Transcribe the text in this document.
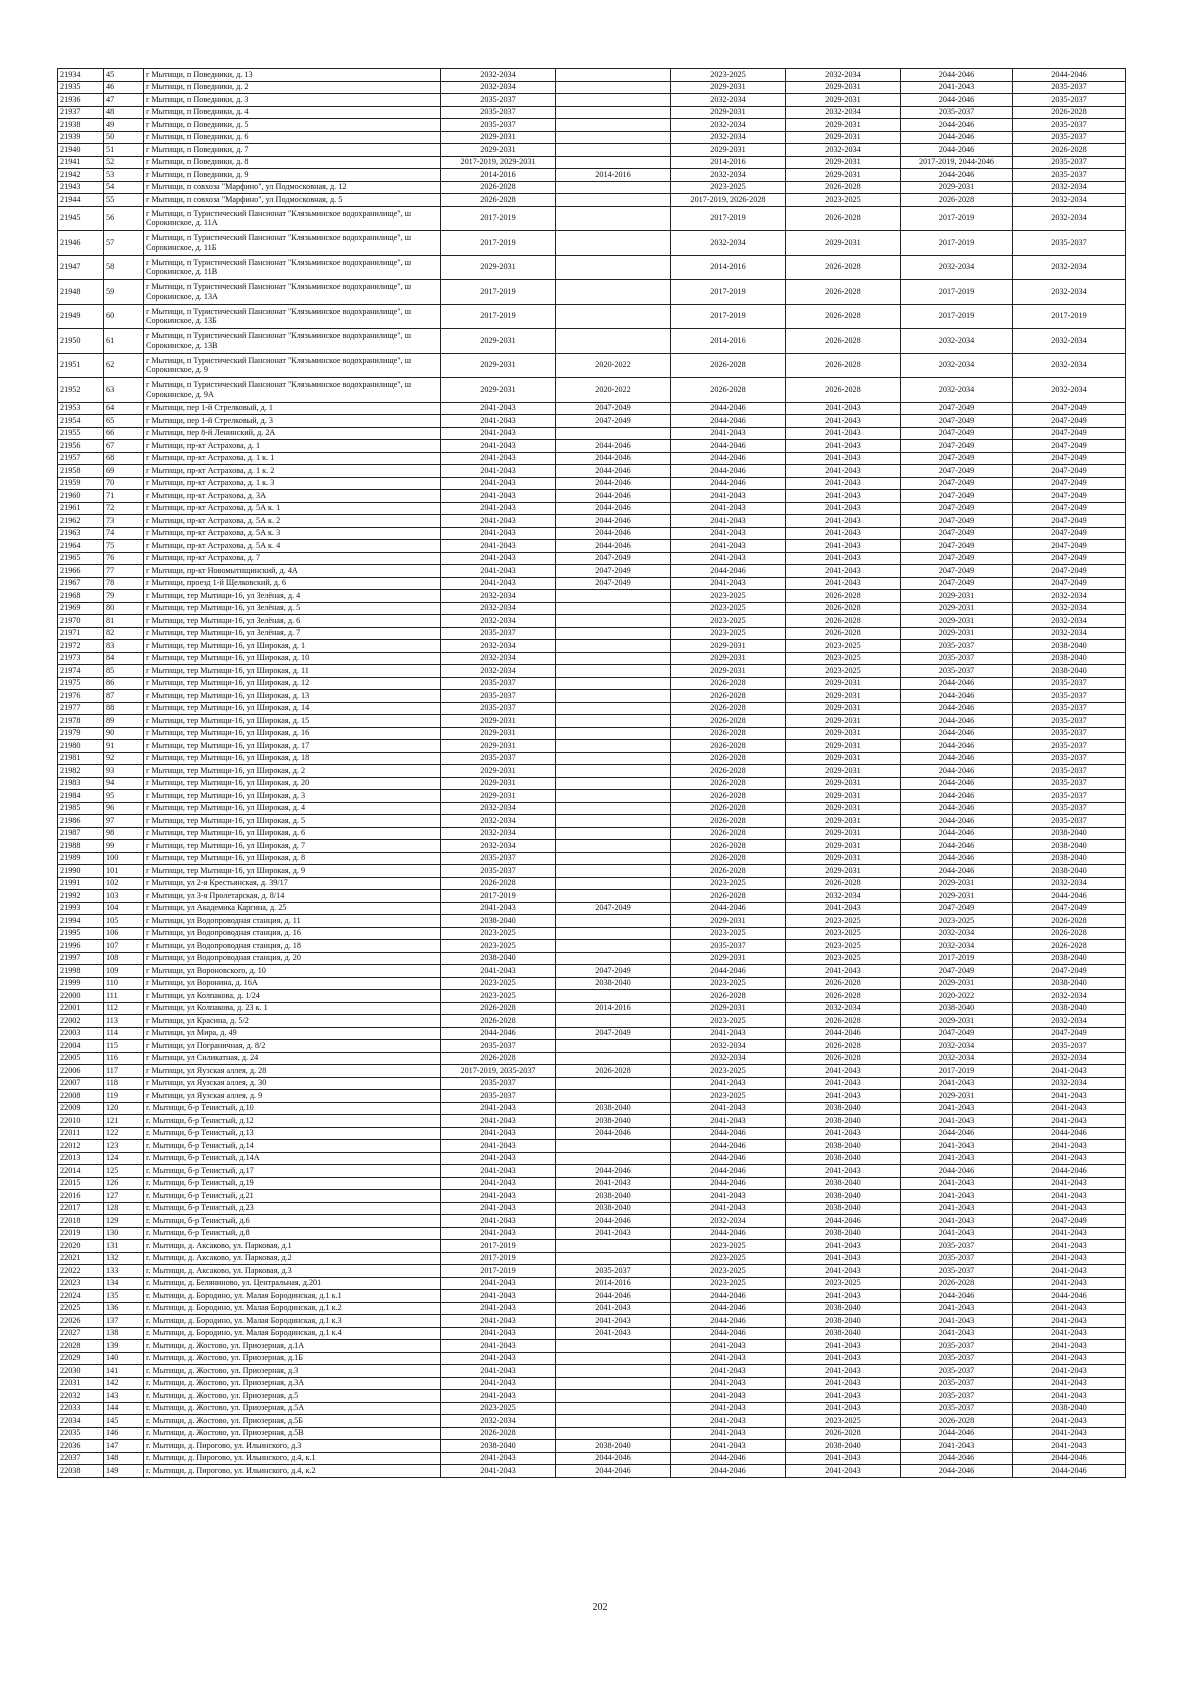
21934	45	г Мытищи, п Поведники, д. 13	2032-2034		2023-2025	2032-2034	2044-2046	2044-2046
21935	46	г Мытищи, п Поведники, д. 2	2032-2034		2029-2031	2029-2031	2041-2043	2035-2037
21936	47	г Мытищи, п Поведники, д. 3	2035-2037		2032-2034	2029-2031	2044-2046	2035-2037
21937	48	г Мытищи, п Поведники, д. 4	2035-2037		2029-2031	2032-2034	2035-2037	2026-2028
21938	49	г Мытищи, п Поведники, д. 5	2035-2037		2032-2034	2029-2031	2044-2046	2035-2037
21939	50	г Мытищи, п Поведники, д. 6	2029-2031		2032-2034	2029-2031	2044-2046	2035-2037
21940	51	г Мытищи, п Поведники, д. 7	2029-2031		2029-2031	2032-2034	2044-2046	2026-2028
21941	52	г Мытищи, п Поведники, д. 8	2017-2019, 2029-2031		2014-2016	2029-2031	2017-2019, 2044-2046	2035-2037
21942	53	г Мытищи, п Поведники, д. 9	2014-2016	2014-2016	2032-2034	2029-2031	2044-2046	2035-2037
21943	54	г Мытищи, п совхоза "Марфино", ул Подмосковная, д. 12	2026-2028		2023-2025	2026-2028	2029-2031	2032-2034
21944	55	г Мытищи, п совхоза "Марфино", ул Подмосковная, д. 5	2026-2028		2017-2019, 2026-2028	2023-2025	2026-2028	2032-2034
21945	56	г Мытищи, п Туристический Пансионат "Клязьминское водохранилище", ш Сорокинское, д. 11А	2017-2019		2017-2019	2026-2028	2017-2019	2032-2034
21946	57	г Мытищи, п Туристический Пансионат "Клязьминское водохранилище", ш Сорокинское, д. 11Б	2017-2019		2032-2034	2029-2031	2017-2019	2035-2037
21947	58	г Мытищи, п Туристический Пансионат "Клязьминское водохранилище", ш Сорокинское, д. 11В	2029-2031		2014-2016	2026-2028	2032-2034	2032-2034
21948	59	г Мытищи, п Туристический Пансионат "Клязьминское водохранилище", ш Сорокинское, д. 13А	2017-2019		2017-2019	2026-2028	2017-2019	2032-2034
21949	60	г Мытищи, п Туристический Пансионат "Клязьминское водохранилище", ш Сорокинское, д. 13Б	2017-2019		2017-2019	2026-2028	2017-2019	2017-2019
21950	61	г Мытищи, п Туристический Пансионат "Клязьминское водохранилище", ш Сорокинское, д. 13В	2029-2031		2014-2016	2026-2028	2032-2034	2032-2034
21951	62	г Мытищи, п Туристический Пансионат "Клязьминское водохранилище", ш Сорокинское, д. 9	2029-2031	2020-2022	2026-2028	2026-2028	2032-2034	2032-2034
21952	63	г Мытищи, п Туристический Пансионат "Клязьминское водохранилище", ш Сорокинское, д. 9А	2029-2031	2020-2022	2026-2028	2026-2028	2032-2034	2032-2034
21953	64	г Мытищи, пер 1-й Стрелковый, д. 1	2041-2043	2047-2049	2044-2046	2041-2043	2047-2049	2047-2049
21954	65	г Мытищи, пер 1-й Стрелковый, д. 3	2041-2043	2047-2049	2044-2046	2041-2043	2047-2049	2047-2049
21955	66	г Мытищи, пер 8-й Ленинский, д. 2А	2041-2043		2041-2043	2041-2043	2047-2049	2047-2049
21956	67	г Мытищи, пр-кт Астрахова, д. 1	2041-2043	2044-2046	2044-2046	2041-2043	2047-2049	2047-2049
21957	68	г Мытищи, пр-кт Астрахова, д. 1 к. 1	2041-2043	2044-2046	2044-2046	2041-2043	2047-2049	2047-2049
21958	69	г Мытищи, пр-кт Астрахова, д. 1 к. 2	2041-2043	2044-2046	2044-2046	2041-2043	2047-2049	2047-2049
21959	70	г Мытищи, пр-кт Астрахова, д. 1 к. 3	2041-2043	2044-2046	2044-2046	2041-2043	2047-2049	2047-2049
21960	71	г Мытищи, пр-кт Астрахова, д. 3А	2041-2043	2044-2046	2041-2043	2041-2043	2047-2049	2047-2049
21961	72	г Мытищи, пр-кт Астрахова, д. 5А к. 1	2041-2043	2044-2046	2041-2043	2041-2043	2047-2049	2047-2049
21962	73	г Мытищи, пр-кт Астрахова, д. 5А к. 2	2041-2043	2044-2046	2041-2043	2041-2043	2047-2049	2047-2049
21963	74	г Мытищи, пр-кт Астрахова, д. 5А к. 3	2041-2043	2044-2046	2041-2043	2041-2043	2047-2049	2047-2049
21964	75	г Мытищи, пр-кт Астрахова, д. 5А к. 4	2041-2043	2044-2046	2041-2043	2041-2043	2047-2049	2047-2049
21965	76	г Мытищи, пр-кт Астрахова, д. 7	2041-2043	2047-2049	2041-2043	2041-2043	2047-2049	2047-2049
21966	77	г Мытищи, пр-кт Новомытищинский, д. 4А	2041-2043	2047-2049	2044-2046	2041-2043	2047-2049	2047-2049
21967	78	г Мытищи, проезд 1-й Щелковский, д. 6	2041-2043	2047-2049	2041-2043	2041-2043	2047-2049	2047-2049
21968	79	г Мытищи, тер Мытищи-16, ул Зелёная, д. 4	2032-2034		2023-2025	2026-2028	2029-2031	2032-2034
21969	80	г Мытищи, тер Мытищи-16, ул Зелёная, д. 5	2032-2034		2023-2025	2026-2028	2029-2031	2032-2034
21970	81	г Мытищи, тер Мытищи-16, ул Зелёная, д. 6	2032-2034		2023-2025	2026-2028	2029-2031	2032-2034
21971	82	г Мытищи, тер Мытищи-16, ул Зелёная, д. 7	2035-2037		2023-2025	2026-2028	2029-2031	2032-2034
21972	83	г Мытищи, тер Мытищи-16, ул Широкая, д. 1	2032-2034		2029-2031	2023-2025	2035-2037	2038-2040
21973	84	г Мытищи, тер Мытищи-16, ул Широкая, д. 10	2032-2034		2029-2031	2023-2025	2035-2037	2038-2040
21974	85	г Мытищи, тер Мытищи-16, ул Широкая, д. 11	2032-2034		2029-2031	2023-2025	2035-2037	2038-2040
21975	86	г Мытищи, тер Мытищи-16, ул Широкая, д. 12	2035-2037		2026-2028	2029-2031	2044-2046	2035-2037
21976	87	г Мытищи, тер Мытищи-16, ул Широкая, д. 13	2035-2037		2026-2028	2029-2031	2044-2046	2035-2037
21977	88	г Мытищи, тер Мытищи-16, ул Широкая, д. 14	2035-2037		2026-2028	2029-2031	2044-2046	2035-2037
21978	89	г Мытищи, тер Мытищи-16, ул Широкая, д. 15	2029-2031		2026-2028	2029-2031	2044-2046	2035-2037
21979	90	г Мытищи, тер Мытищи-16, ул Широкая, д. 16	2029-2031		2026-2028	2029-2031	2044-2046	2035-2037
21980	91	г Мытищи, тер Мытищи-16, ул Широкая, д. 17	2029-2031		2026-2028	2029-2031	2044-2046	2035-2037
21981	92	г Мытищи, тер Мытищи-16, ул Широкая, д. 18	2035-2037		2026-2028	2029-2031	2044-2046	2035-2037
21982	93	г Мытищи, тер Мытищи-16, ул Широкая, д. 2	2029-2031		2026-2028	2029-2031	2044-2046	2035-2037
21983	94	г Мытищи, тер Мытищи-16, ул Широкая, д. 20	2029-2031		2026-2028	2029-2031	2044-2046	2035-2037
21984	95	г Мытищи, тер Мытищи-16, ул Широкая, д. 3	2029-2031		2026-2028	2029-2031	2044-2046	2035-2037
21985	96	г Мытищи, тер Мытищи-16, ул Широкая, д. 4	2032-2034		2026-2028	2029-2031	2044-2046	2035-2037
21986	97	г Мытищи, тер Мытищи-16, ул Широкая, д. 5	2032-2034		2026-2028	2029-2031	2044-2046	2035-2037
21987	98	г Мытищи, тер Мытищи-16, ул Широкая, д. 6	2032-2034		2026-2028	2029-2031	2044-2046	2038-2040
21988	99	г Мытищи, тер Мытищи-16, ул Широкая, д. 7	2032-2034		2026-2028	2029-2031	2044-2046	2038-2040
21989	100	г Мытищи, тер Мытищи-16, ул Широкая, д. 8	2035-2037		2026-2028	2029-2031	2044-2046	2038-2040
21990	101	г Мытищи, тер Мытищи-16, ул Широкая, д. 9	2035-2037		2026-2028	2029-2031	2044-2046	2038-2040
21991	102	г Мытищи, ул 2-я Крестьянская, д. 39/17	2026-2028		2023-2025	2026-2028	2029-2031	2032-2034
21992	103	г Мытищи, ул 3-я Пролетарская, д. 8/14	2017-2019		2026-2028	2032-2034	2029-2031	2044-2046
21993	104	г Мытищи, ул Академика Каргина, д. 25	2041-2043	2047-2049	2044-2046	2041-2043	2047-2049	2047-2049
21994	105	г Мытищи, ул Водопроводная станция, д. 11	2038-2040		2029-2031	2023-2025	2023-2025	2026-2028
21995	106	г Мытищи, ул Водопроводная станция, д. 16	2023-2025		2023-2025	2023-2025	2032-2034	2026-2028
21996	107	г Мытищи, ул Водопроводная станция, д. 18	2023-2025		2035-2037	2023-2025	2032-2034	2026-2028
21997	108	г Мытищи, ул Водопроводная станция, д. 20	2038-2040		2029-2031	2023-2025	2017-2019	2038-2040
21998	109	г Мытищи, ул Вороновского, д. 10	2041-2043	2047-2049	2044-2046	2041-2043	2047-2049	2047-2049
21999	110	г Мытищи, ул Воронина, д. 16А	2023-2025	2038-2040	2023-2025	2026-2028	2029-2031	2038-2040
22000	111	г Мытищи, ул Колпакова, д. 1/24	2023-2025		2026-2028	2026-2028	2020-2022	2032-2034
22001	112	г Мытищи, ул Колпакова, д. 23 к. 1	2026-2028	2014-2016	2029-2031	2032-2034	2038-2040	2038-2040
22002	113	г Мытищи, ул Красина, д. 5/2	2026-2028		2023-2025	2026-2028	2029-2031	2032-2034
22003	114	г Мытищи, ул Мира, д. 49	2044-2046	2047-2049	2041-2043	2044-2046	2047-2049	2047-2049
22004	115	г Мытищи, ул Пограничная, д. 8/2	2035-2037		2032-2034	2026-2028	2032-2034	2035-2037
22005	116	г Мытищи, ул Силикатная, д. 24	2026-2028		2032-2034	2026-2028	2032-2034	2032-2034
22006	117	г Мытищи, ул Яузская аллея, д. 28	2017-2019, 2035-2037	2026-2028	2023-2025	2041-2043	2017-2019	2041-2043
22007	118	г Мытищи, ул Яузская аллея, д. 30	2035-2037		2041-2043	2041-2043	2041-2043	2032-2034
22008	119	г Мытищи, ул Яузская аллея, д. 9	2035-2037		2023-2025	2041-2043	2029-2031	2041-2043
22009	120	г. Мытищи, б-р Тенистый, д.10	2041-2043	2038-2040	2041-2043	2038-2040	2041-2043	2041-2043
22010	121	г. Мытищи, б-р Тенистый, д.12	2041-2043	2038-2040	2041-2043	2038-2040	2041-2043	2041-2043
22011	122	г. Мытищи, б-р Тенистый, д.13	2041-2043	2044-2046	2044-2046	2041-2043	2044-2046	2044-2046
22012	123	г. Мытищи, б-р Тенистый, д.14	2041-2043		2044-2046	2038-2040	2041-2043	2041-2043
22013	124	г. Мытищи, б-р Тенистый, д.14А	2041-2043		2044-2046	2038-2040	2041-2043	2041-2043
22014	125	г. Мытищи, б-р Тенистый, д.17	2041-2043	2044-2046	2044-2046	2041-2043	2044-2046	2044-2046
22015	126	г. Мытищи, б-р Тенистый, д.19	2041-2043	2041-2043	2044-2046	2038-2040	2041-2043	2041-2043
22016	127	г. Мытищи, б-р Тенистый, д.21	2041-2043	2038-2040	2041-2043	2038-2040	2041-2043	2041-2043
22017	128	г. Мытищи, б-р Тенистый, д.23	2041-2043	2038-2040	2041-2043	2038-2040	2041-2043	2041-2043
22018	129	г. Мытищи, б-р Тенистый, д.6	2041-2043	2044-2046	2032-2034	2044-2046	2041-2043	2047-2049
22019	130	г. Мытищи, б-р Тенистый, д.8	2041-2043	2041-2043	2044-2046	2038-2040	2041-2043	2041-2043
22020	131	г. Мытищи, д. Аксаково, ул. Парковая, д.1	2017-2019		2023-2025	2041-2043	2035-2037	2041-2043
22021	132	г. Мытищи, д. Аксаково, ул. Парковая, д.2	2017-2019		2023-2025	2041-2043	2035-2037	2041-2043
22022	133	г. Мытищи, д. Аксаково, ул. Парковая, д.3	2017-2019	2035-2037	2023-2025	2041-2043	2035-2037	2041-2043
22023	134	г. Мытищи, д. Беляниново, ул. Центральная, д.201	2041-2043	2014-2016	2023-2025	2023-2025	2026-2028	2041-2043
22024	135	г. Мытищи, д. Бородино, ул. Малая Бородинская, д.1 к.1	2041-2043	2044-2046	2044-2046	2041-2043	2044-2046	2044-2046
22025	136	г. Мытищи, д. Бородино, ул. Малая Бородинская, д.1 к.2	2041-2043	2041-2043	2044-2046	2038-2040	2041-2043	2041-2043
22026	137	г. Мытищи, д. Бородино, ул. Малая Бородинская, д.1 к.3	2041-2043	2041-2043	2044-2046	2038-2040	2041-2043	2041-2043
22027	138	г. Мытищи, д. Бородино, ул. Малая Бородинская, д.1 к.4	2041-2043	2041-2043	2044-2046	2038-2040	2041-2043	2041-2043
22028	139	г. Мытищи, д. Жостово, ул. Приозерная, д.1А	2041-2043		2041-2043	2041-2043	2035-2037	2041-2043
22029	140	г. Мытищи, д. Жостово, ул. Приозерная, д.1Б	2041-2043		2041-2043	2041-2043	2035-2037	2041-2043
22030	141	г. Мытищи, д. Жостово, ул. Приозерная, д.3	2041-2043		2041-2043	2041-2043	2035-2037	2041-2043
22031	142	г. Мытищи, д. Жостово, ул. Приозерная, д.3А	2041-2043		2041-2043	2041-2043	2035-2037	2041-2043
22032	143	г. Мытищи, д. Жостово, ул. Приозерная, д.5	2041-2043		2041-2043	2041-2043	2035-2037	2041-2043
22033	144	г. Мытищи, д. Жостово, ул. Приозерная, д.5А	2023-2025		2041-2043	2041-2043	2035-2037	2038-2040
22034	145	г. Мытищи, д. Жостово, ул. Приозерная, д.5Б	2032-2034		2041-2043	2023-2025	2026-2028	2041-2043
22035	146	г. Мытищи, д. Жостово, ул. Приозерная, д.5В	2026-2028		2041-2043	2026-2028	2044-2046	2041-2043
22036	147	г. Мытищи, д. Пирогово, ул. Ильинского, д.3	2038-2040	2038-2040	2041-2043	2038-2040	2041-2043	2041-2043
22037	148	г. Мытищи, д. Пирогово, ул. Ильинского, д.4, к.1	2041-2043	2044-2046	2044-2046	2041-2043	2044-2046	2044-2046
22038	149	г. Мытищи, д. Пирогово, ул. Ильинского, д.4, к.2	2041-2043	2044-2046	2044-2046	2041-2043	2044-2046	2044-2046
202
